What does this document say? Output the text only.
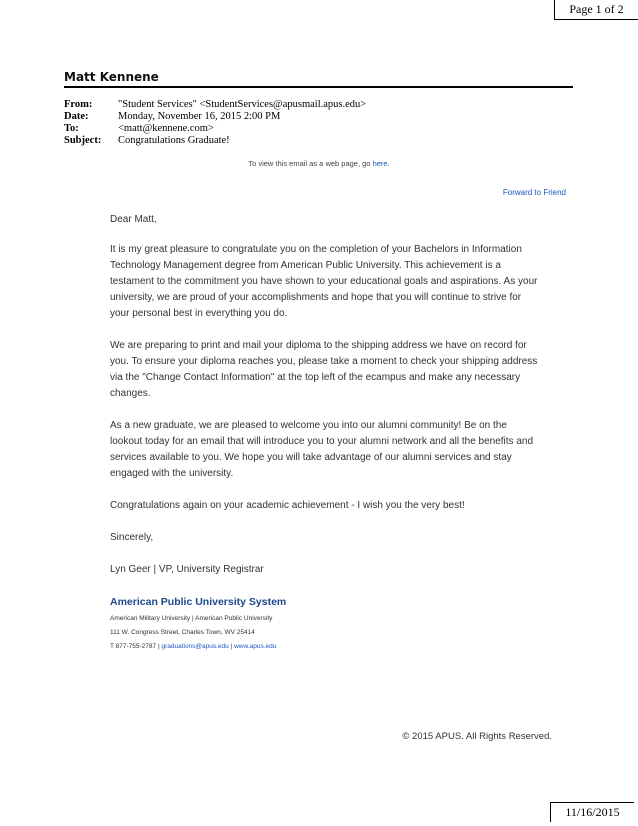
Page 1 of 2
Matt Kennene
From:	"Student Services" <StudentServices@apusmail.apus.edu>
Date:	Monday, November 16, 2015 2:00 PM
To:	<matt@kennene.com>
Subject:	Congratulations Graduate!
To view this email as a web page, go here.
Forward to Friend

Dear Matt,

It is my great pleasure to congratulate you on the completion of your Bachelors in Information Technology Management degree from American Public University. This achievement is a testament to the commitment you have shown to your educational goals and aspirations. As your university, we are proud of your accomplishments and hope that you will continue to strive for your personal best in everything you do.

We are preparing to print and mail your diploma to the shipping address we have on record for you. To ensure your diploma reaches you, please take a moment to check your shipping address via the "Change Contact Information" at the top left of the ecampus and make any necessary changes.

As a new graduate, we are pleased to welcome you into our alumni community! Be on the lookout today for an email that will introduce you to your alumni network and all the benefits and services available to you. We hope you will take advantage of our alumni services and stay engaged with the university.

Congratulations again on your academic achievement - I wish you the very best!

Sincerely,

Lyn Geer | VP, University Registrar

American Public University System
American Military University | American Public University
111 W. Congress Street, Charles Town, WV 25414
T 877-755-2787 | graduations@apus.edu | www.apus.edu
© 2015 APUS. All Rights Reserved.
11/16/2015
